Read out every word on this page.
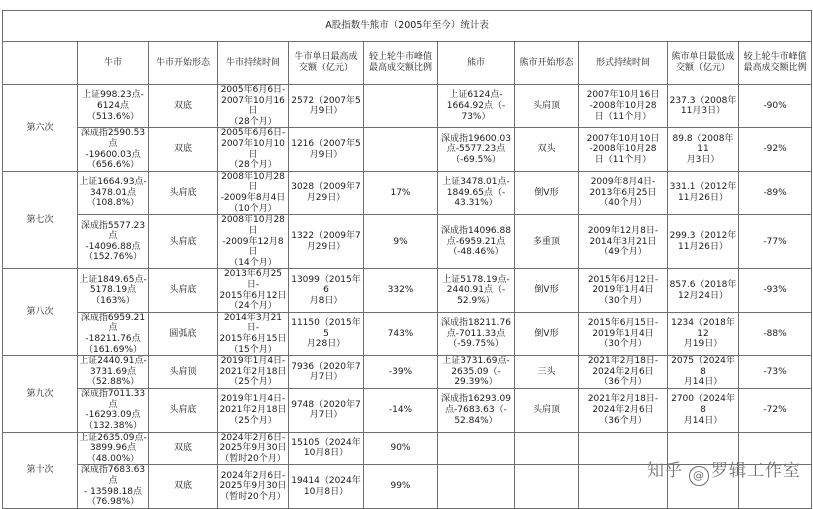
A股指数牛熊市（2005年至今）统计表										
	牛市	牛市开始形态	牛市持续时间	牛市单日最高成
交额（亿元）	较上轮牛市峰值
最高成交额比例	熊市	熊市开始形态	形式持续时间	熊市单日最低成
交额（亿元）	较上轮牛市峰值
最高成交额比例
第六次	上证998.23点-
6124点
（513.6%）	双底	2005年6月6日-
2007年10月16日
（28个月）	2572（2007年5
月9日）		上证6124点-
1664.92点（-
73%）	头肩顶	2007年10月16日
-2008年10月28
日（11个月）	237.3（2008年
11月3日）	-90%
	深成指2590.53点
-19600.03点
（656.6%）	双底	2005年6月6日-
2007年10月10日
（28个月）	1216（2007年5
月9日）		深成指19600.03
点-5577.23点
（-69.5%）	双头	2007年10月10日
-2008年10月28
日（11个月）	89.8（2008年11
月3日）	-92%
第七次	上证1664.93点-
3478.01点
（108.8%）	头肩底	2008年10月28日
-2009年8月4日
（10个月）	3028（2009年7
月29日）	17%	上证3478.01点-
1849.65点（-
43.31%）	倒V形	2009年8月4日-
2013年6月25日
（40个月）	331.1（2012年
11月26日）	-89%
	深成指5577.23点
-14096.88点
（152.76%）	头肩底	2008年10月28日
-2009年12月8日
（14个月）	1322（2009年7
月29日）	9%	深成指14096.88
点-6959.21点
（-48.46%）	多重顶	2009年12月8日-
2014年3月21日
（49个月）	299.3（2012年
11月26日）	-77%
第八次	上证1849.65点-
5178.19点
（163%）	头肩底	2013年6月25日-
2015年6月12日
（24个月）	13099（2015年6
月8日）	332%	上证5178.19点-
2440.91点（-
52.9%）	倒V形	2015年6月12日-
2019年1月4日
（30个月）	857.6（2018年
12月24日）	-93%
	深成指6959.21点
-18211.76点
（161.69%）	圆弧底	2014年3月21日-
2015年6月15日
（15个月）	11150（2015年5
月28日）	743%	深成指18211.76
点-7011.33点
（-59.75%）	倒V形	2015年6月15日-
2019年1月4日
（30个月）	1234（2018年12
月19日）	-88%
第九次	上证2440.91点-
3731.69点
（52.88%）	头肩顶	2019年1月4日-
2021年2月18日
（25个月）	7936（2020年7
月7日）	-39%	上证3731.69点-
2635.09（-
29.39%）	三头	2021年2月18日-
2024年2月6日
（36个月）	2075（2024年8
月14日）	-73%
	深成指7011.33点
-16293.09点
（132.38%）	头肩底	2019年1月4日-
2021年2月18日
（25个月）	9748（2020年7
月7日）	-14%	深成指16293.09
点-7683.63（-
52.84%）	头肩顶	2021年2月18日-
2024年2月6日
（36个月）	2700（2024年8
月14日）	-72%
第十次	上证2635.09点-
3899.96点
（48.00%）	双底	2024年2月6日-
2025年9月30日
（暂时20个月）	15105（2024年
10月8日）	90%					
	深成指7683.63点
- 13598.18点
（76.98%）	双底	2024年2月6日-
2025年9月30日
（暂时20个月）	19414（2024年
10月8日）	99%					
知乎 @ 罗辑工作室
